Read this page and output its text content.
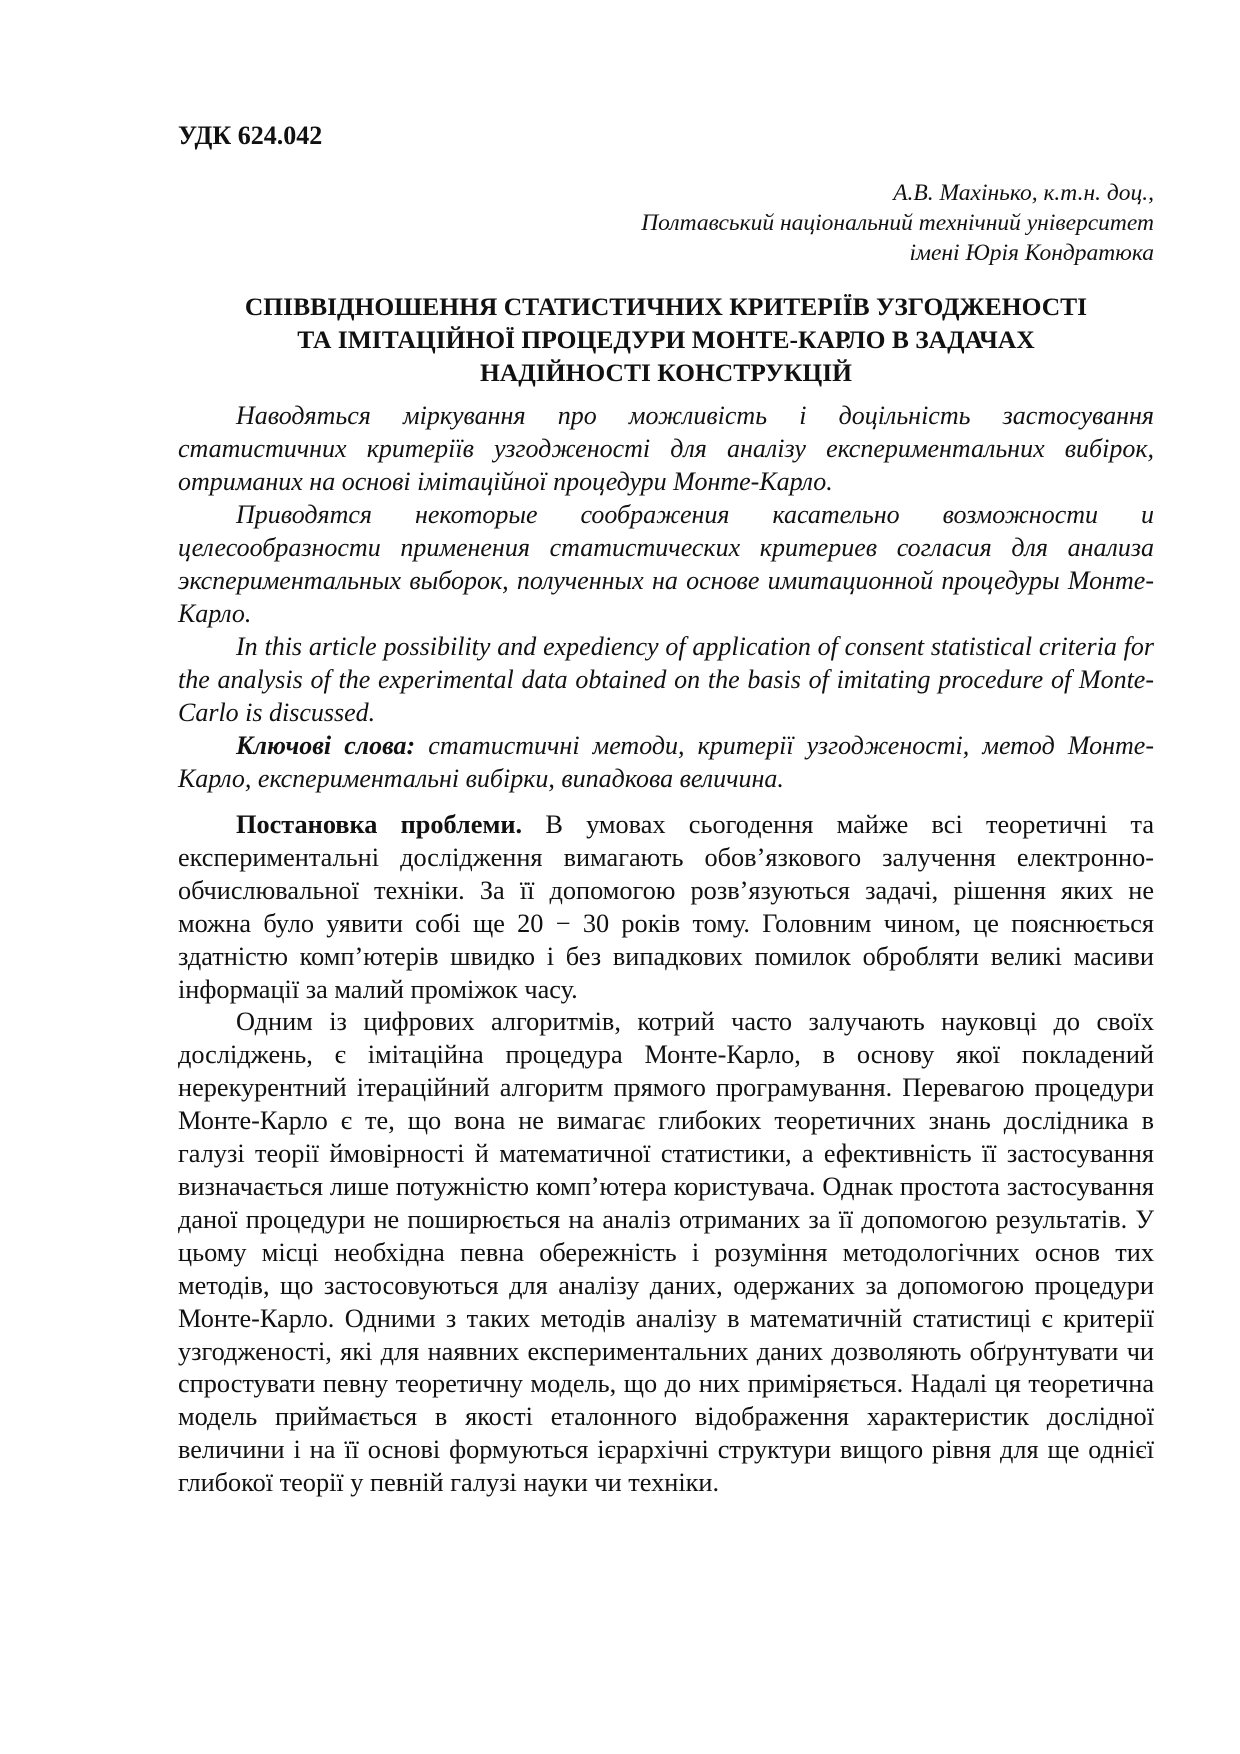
УДК 624.042
А.В. Махінько, к.т.н. доц.,
Полтавський національний технічний університет
імені Юрія Кондратюка
СПІВВІДНОШЕННЯ СТАТИСТИЧНИХ КРИТЕРІЇВ УЗГОДЖЕНОСТІ
ТА ІМІТАЦІЙНОЇ ПРОЦЕДУРИ МОНТЕ-КАРЛО В ЗАДАЧАХ
НАДІЙНОСТІ КОНСТРУКЦІЙ

Наводяться міркування про можливість і доцільність застосування статистичних критеріїв узгодженості для аналізу експериментальних вибірок, отриманих на основі імітаційної процедури Монте-Карло.

Приводятся некоторые соображения касательно возможности и целесообразности применения статистических критериев согласия для анализа экспериментальных выборок, полученных на основе имитационной процедуры Монте-Карло.

In this article possibility and expediency of application of consent statistical criteria for the analysis of the experimental data obtained on the basis of imitating procedure of Monte-Carlo is discussed.

Ключові слова: статистичні методи, критерії узгодженості, метод Монте-Карло, експериментальні вибірки, випадкова величина.

Постановка проблеми. В умовах сьогодення майже всі теоретичні та експериментальні дослідження вимагають обов’язкового залучення електронно-обчислювальної техніки. За її допомогою розв’язуються задачі, рішення яких не можна було уявити собі ще 20 − 30 років тому. Головним чином, це пояснюється здатністю комп’ютерів швидко і без випадкових помилок обробляти великі масиви інформації за малий проміжок часу.

Одним із цифрових алгоритмів, котрий часто залучають науковці до своїх досліджень, є імітаційна процедура Монте-Карло, в основу якої покладений нерекурентний ітераційний алгоритм прямого програмування. Перевагою процедури Монте-Карло є те, що вона не вимагає глибоких теоретичних знань дослідника в галузі теорії ймовірності й математичної статистики, а ефективність її застосування визначається лише потужністю комп’ютера користувача. Однак простота застосування даної процедури не поширюється на аналіз отриманих за її допомогою результатів. У цьому місці необхідна певна обережність і розуміння методологічних основ тих методів, що застосовуються для аналізу даних, одержаних за допомогою процедури Монте-Карло. Одними з таких методів аналізу в математичній статистиці є критерії узгодженості, які для наявних експериментальних даних дозволяють обґрунтувати чи спростувати певну теоретичну модель, що до них приміряється. Надалі ця теоретична модель приймається в якості еталонного відображення характеристик дослідної величини і на її основі формуються ієрархічні структури вищого рівня для ще однієї глибокої теорії у певній галузі науки чи техніки.
